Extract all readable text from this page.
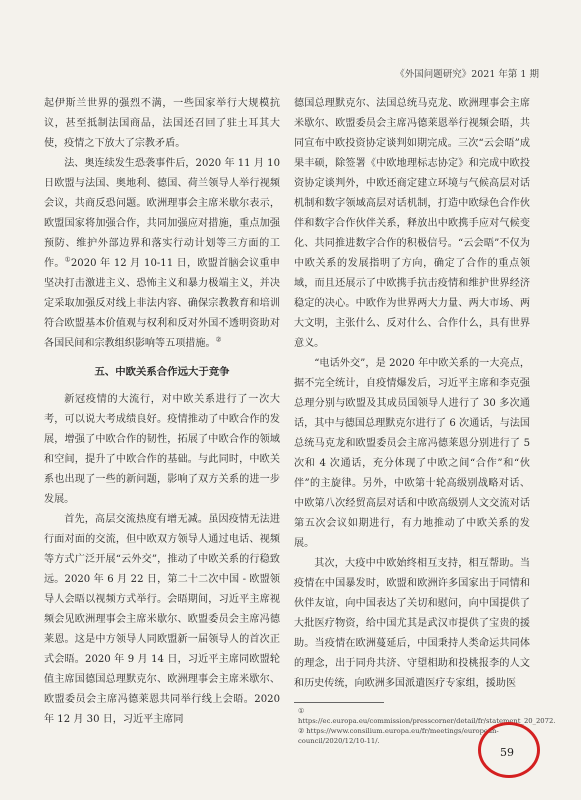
《外国问题研究》2021 年第 1 期

起伊斯兰世界的强烈不满，一些国家举行大规模抗议，甚至抵制法国商品，法国还召回了驻土耳其大使，疫情之下放大了宗教矛盾。

法、奥连续发生恐袭事件后，2020 年 11 月 10 日欧盟与法国、奥地利、德国、荷兰领导人举行视频会议，共商反恐问题。欧洲理事会主席米歇尔表示，欧盟国家将加强合作，共同加强应对措施，重点加强预防、维护外部边界和落实行动计划等三方面的工作。①2020 年 12 月 10-11 日，欧盟首脑会议重申坚决打击激进主义、恐怖主义和暴力极端主义，并决定采取加强反对线上非法内容、确保宗教教育和培训符合欧盟基本价值观与权利和反对外国不透明资助对各国民间和宗教组织影响等五项措施。②

五、中欧关系合作远大于竞争

新冠疫情的大流行，对中欧关系进行了一次大考，可以说大考成绩良好。疫情推动了中欧合作的发展，增强了中欧合作的韧性，拓展了中欧合作的领域和空间，提升了中欧合作的基础。与此同时，中欧关系也出现了一些的新问题，影响了双方关系的进一步发展。

首先，高层交流热度有增无减。虽因疫情无法进行面对面的交流，但中欧双方领导人通过电话、视频等方式广泛开展“云外交”，推动了中欧关系的行稳致远。2020 年 6 月 22 日，第二十二次中国 - 欧盟领导人会晤以视频方式举行。会晤期间，习近平主席视频会见欧洲理事会主席米歇尔、欧盟委员会主席冯德莱恩。这是中方领导人同欧盟新一届领导人的首次正式会晤。2020 年 9 月 14 日，习近平主席同欧盟轮值主席国德国总理默克尔、欧洲理事会主席米歇尔、欧盟委员会主席冯德莱恩共同举行线上会晤。2020 年 12 月 30 日，习近平主席同

德国总理默克尔、法国总统马克龙、欧洲理事会主席米歇尔、欧盟委员会主席冯德莱恩举行视频会晤，共同宣布中欧投资协定谈判如期完成。三次“云会晤”成果丰硕，除签署《中欧地理标志协定》和完成中欧投资协定谈判外，中欧还商定建立环境与气候高层对话机制和数字领域高层对话机制，打造中欧绿色合作伙伴和数字合作伙伴关系，释放出中欧携手应对气候变化、共同推进数字合作的积极信号。“云会晤”不仅为中欧关系的发展指明了方向，确定了合作的重点领域，而且还展示了中欧携手抗击疫情和维护世界经济稳定的决心。中欧作为世界两大力量、两大市场、两大文明，主张什么、反对什么、合作什么，具有世界意义。

“电话外交”，是 2020 年中欧关系的一大亮点，据不完全统计，自疫情爆发后，习近平主席和李克强总理分别与欧盟及其成员国领导人进行了 30 多次通话，其中与德国总理默克尔进行了 6 次通话，与法国总统马克龙和欧盟委员会主席冯德莱恩分别进行了 5 次和 4 次通话，充分体现了中欧之间“合作”和“伙伴”的主旋律。另外，中欧第十轮高级别战略对话、中欧第八次经贸高层对话和中欧高级别人文交流对话第五次会议如期进行，有力地推动了中欧关系的发展。

其次，大疫中中欧始终相互支持，相互帮助。当疫情在中国暴发时，欧盟和欧洲许多国家出于同情和伙伴友谊，向中国表达了关切和慰问，向中国提供了大批医疗物资，给中国尤其是武汉市提供了宝贵的援助。当疫情在欧洲蔓延后，中国秉持人类命运共同体的理念，出于同舟共济、守望相助和投桃报李的人文和历史传统，向欧洲多国派遣医疗专家组，援助医

① https://ec.europa.eu/commission/presscorner/detail/fr/statement_20_2072.
② https://www.consilium.europa.eu/fr/meetings/european-council/2020/12/10-11/.
59
